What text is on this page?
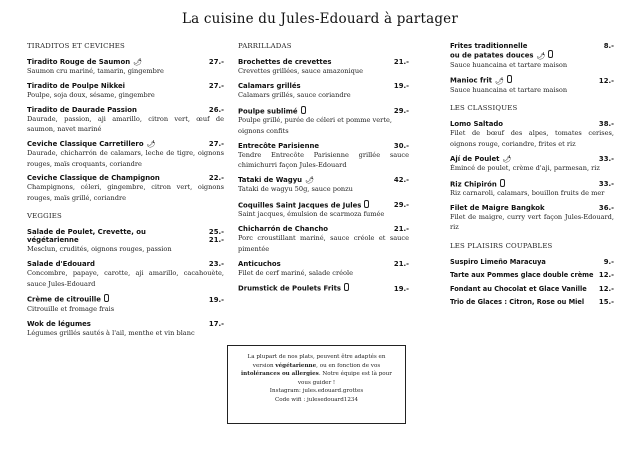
La cuisine du Jules-Edouard à partager
TIRADITOS ET CEVICHES
Tiradito Rouge de Saumon 🌶︎	27.-
Saumon cru mariné, tamarin, gingembre
Tiradito de Poulpe Nikkei	27.-
Poulpe, soja doux, sésame, gingembre
Tiradito de Daurade Passion	26.-
Daurade, passion, aji amarillo, citron vert, œuf de saumon, navet mariné
Ceviche Classique Carretillero 🌶︎	27.-
Daurade, chicharrón de calamars, leche de tigre, oignons rouges, maïs croquants, coriandre
Ceviche Classique de Champignon	22.-
Champignons, céleri, gingembre, citron vert, oignons rouges, maïs grillé, coriandre
VEGGIES
Salade de Poulet, Crevette, ou	25.-
végétarienne	21.-
Mesclun, crudités, oignons rouges, passion
Salade d'Edouard	23.-
Concombre, papaye, carotte, aji amarillo, cacahouète, sauce Jules-Edouard
Crème de citrouille	19.-
Citrouille et fromage frais
Wok de légumes	17.-
Légumes grillés sautés à l'ail, menthe et vin blanc
PARRILLADAS
Brochettes de crevettes	21.-
Crevettes grillées, sauce amazonique
Calamars grillés	19.-
Calamars grillés, sauce coriandre
Poulpe sublimé	29.-
Poulpe grillé, purée de céleri et pomme verte, oignons confits
Entrecôte Parisienne	30.-
Tendre Entrecôte Parisienne grillée sauce chimichurri façon Jules-Edouard
Tataki de Wagyu 🌶︎	42.-
Tataki de wagyu 50g, sauce ponzu
Coquilles Saint Jacques de Jules	29.-
Saint jacques, émulsion de scarmoza fumée
Chicharrón de Chancho	21.-
Porc croustillant mariné, sauce créole et sauce pimentée
Anticuchos	21.-
Filet de cerf mariné, salade créole
Drumstick de Poulets Frits	19.-
La plupart de nos plats, peuvent être adaptés en
version végétarienne, ou en fonction de vos
intolérances ou allergies. Notre équipe est là pour
vous guider !
Instagram: jules.edouard.grottes
Code wifi : julesedouard1234
Frites traditionnelle	8.-
ou de patates douces 🌶︎
Sauce huancaina et tartare maison
Manioc frit 🌶︎	12.-
Sauce huancaina et tartare maison
LES CLASSIQUES
Lomo Saltado	38.-
Filet de bœuf des alpes, tomates cerises, oignons rouge, coriandre, frites et riz
Ají de Poulet 🌶︎	33.-
Émincé de poulet, crème d'aji, parmesan, riz
Riz Chipirón	33.-
Riz carnaroli, calamars, bouillon fruits de mer
Filet de Maigre Bangkok	36.-
Filet de maigre, curry vert façon Jules-Edouard, riz
LES PLAISIRS COUPABLES
Suspiro Limeño Maracuya	9.-
Tarte aux Pommes glace double crème 12.-
Fondant au Chocolat et Glace Vanille 12.-
Trio de Glaces : Citron, Rose ou Miel 15.-
